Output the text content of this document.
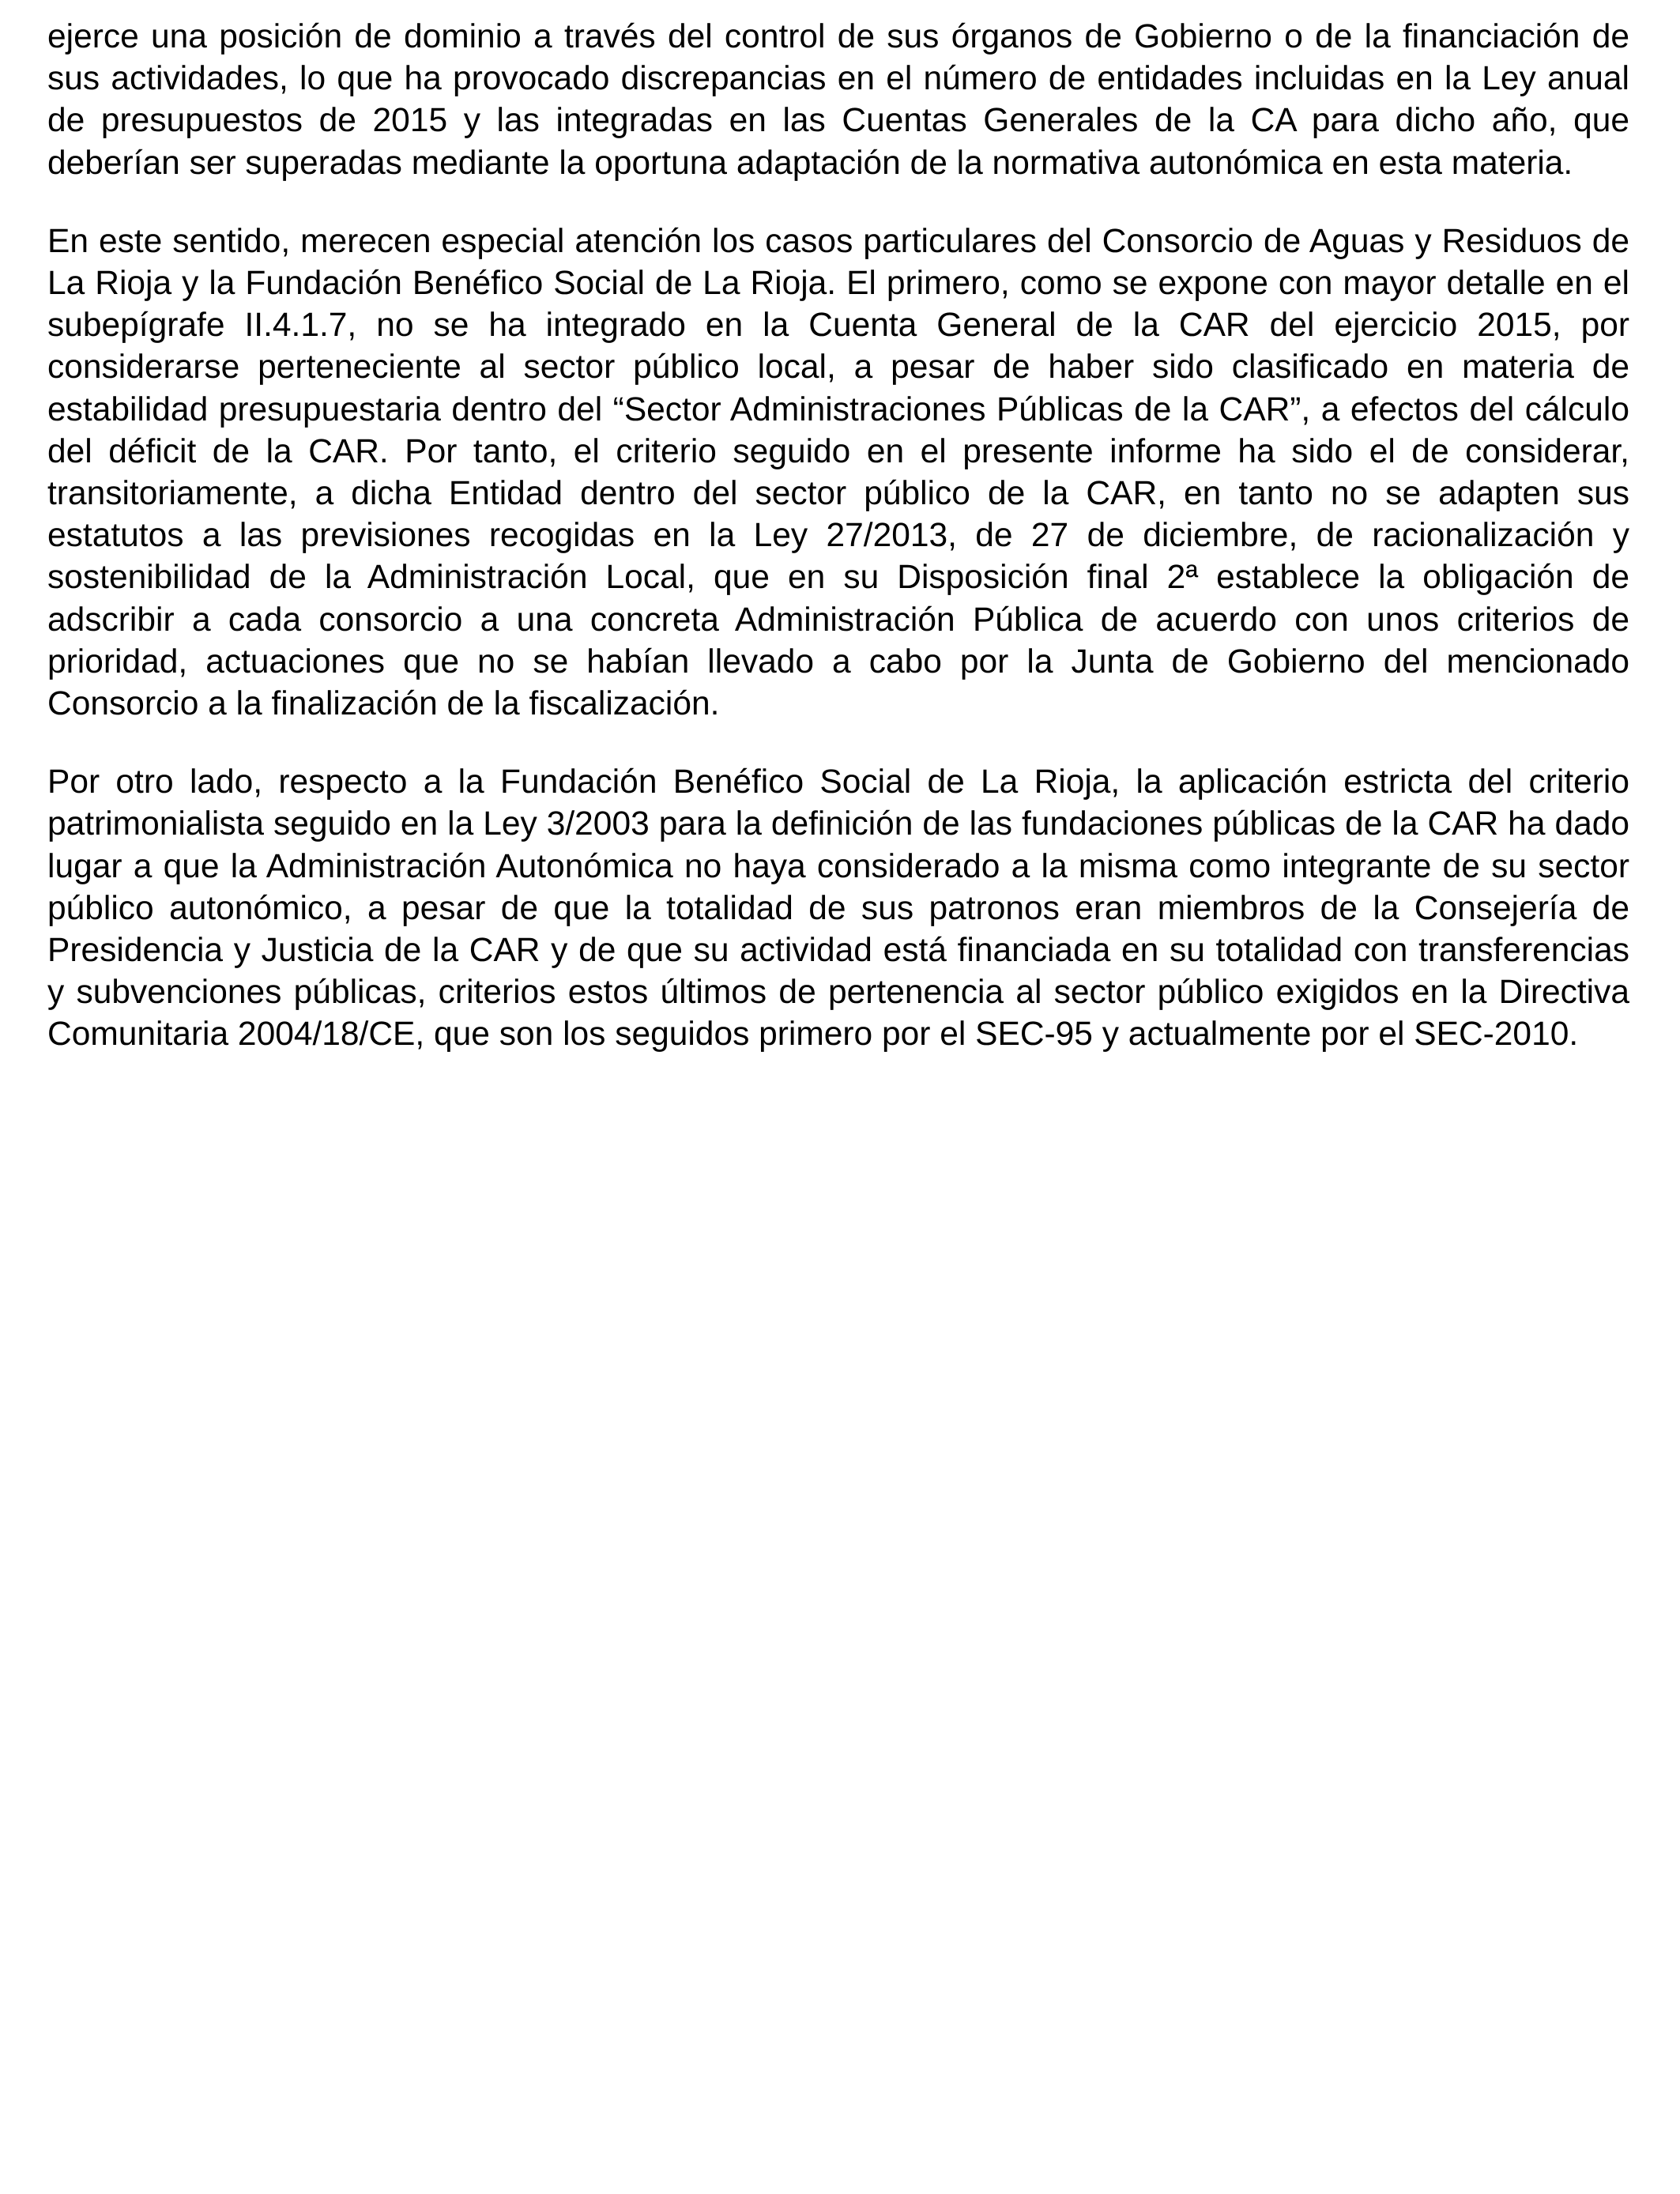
ejerce una posición de dominio a través del control de sus órganos de Gobierno o de la financiación de sus actividades, lo que ha provocado discrepancias en el número de entidades incluidas en la Ley anual de presupuestos de 2015 y las integradas en las Cuentas Generales de la CA para dicho año, que deberían ser superadas mediante la oportuna adaptación de la normativa autonómica en esta materia.

En este sentido, merecen especial atención los casos particulares del Consorcio de Aguas y Residuos de La Rioja y la Fundación Benéfico Social de La Rioja. El primero, como se expone con mayor detalle en el subepígrafe II.4.1.7, no se ha integrado en la Cuenta General de la CAR del ejercicio 2015, por considerarse perteneciente al sector público local, a pesar de haber sido clasificado en materia de estabilidad presupuestaria dentro del “Sector Administraciones Públicas de la CAR”, a efectos del cálculo del déficit de la CAR. Por tanto, el criterio seguido en el presente informe ha sido el de considerar, transitoriamente, a dicha Entidad dentro del sector público de la CAR, en tanto no se adapten sus estatutos a las previsiones recogidas en la Ley 27/2013, de 27 de diciembre, de racionalización y sostenibilidad de la Administración Local, que en su Disposición final 2ª establece la obligación de adscribir a cada consorcio a una concreta Administración Pública de acuerdo con unos criterios de prioridad, actuaciones que no se habían llevado a cabo por la Junta de Gobierno del mencionado Consorcio a la finalización de la fiscalización.

Por otro lado, respecto a la Fundación Benéfico Social de La Rioja, la aplicación estricta del criterio patrimonialista seguido en la Ley 3/2003 para la definición de las fundaciones públicas de la CAR ha dado lugar a que la Administración Autonómica no haya considerado a la misma como integrante de su sector público autonómico, a pesar de que la totalidad de sus patronos eran miembros de la Consejería de Presidencia y Justicia de la CAR y de que su actividad está financiada en su totalidad con transferencias y subvenciones públicas, criterios estos últimos de pertenencia al sector público exigidos en la Directiva Comunitaria 2004/18/CE, que son los seguidos primero por el SEC-95 y actualmente por el SEC-2010.
